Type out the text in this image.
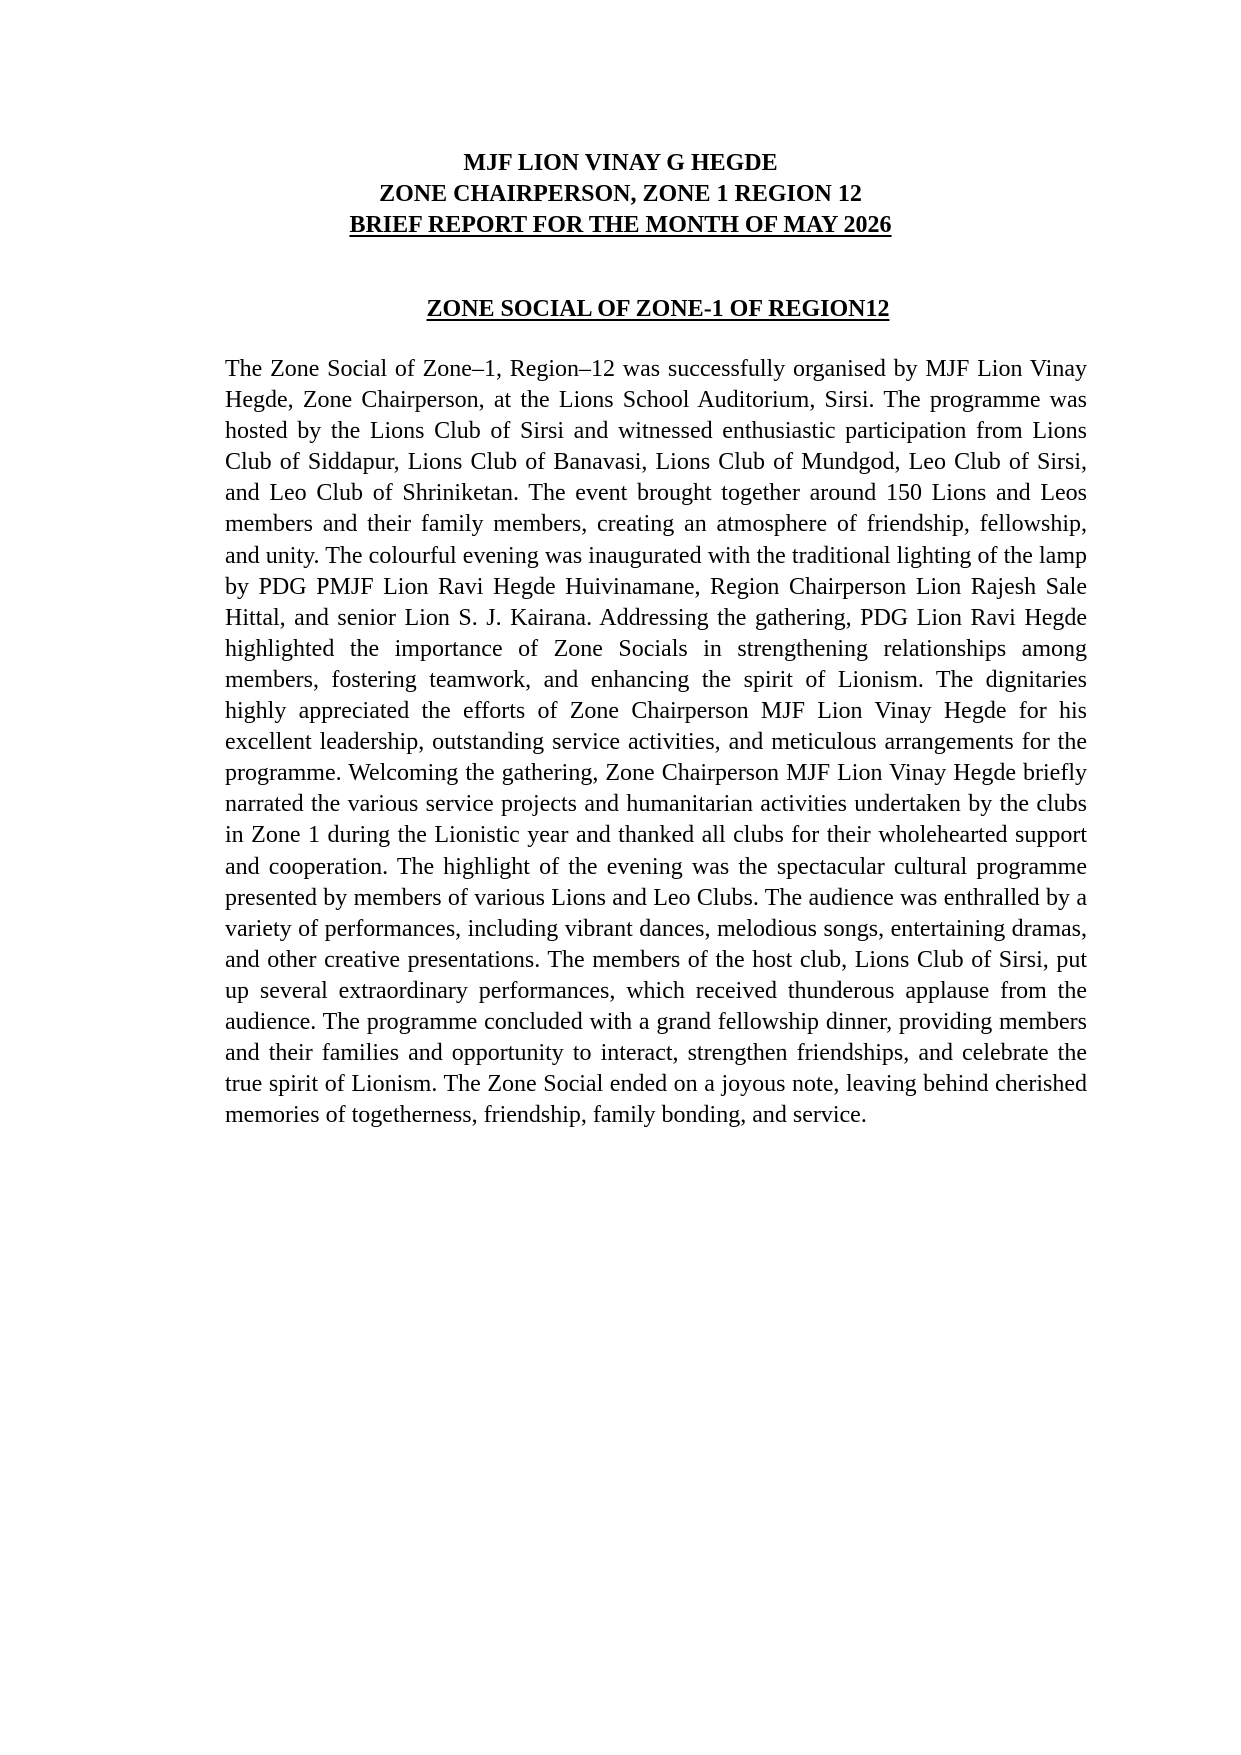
MJF LION VINAY G HEGDE
ZONE CHAIRPERSON, ZONE 1 REGION 12
BRIEF REPORT FOR THE MONTH OF MAY 2026
ZONE SOCIAL OF ZONE-1 OF REGION12

The Zone Social of Zone–1, Region–12 was successfully organised by MJF Lion Vinay Hegde, Zone Chairperson, at the Lions School Auditorium, Sirsi. The programme was hosted by the Lions Club of Sirsi and witnessed enthusiastic participation from Lions Club of Siddapur, Lions Club of Banavasi, Lions Club of Mundgod, Leo Club of Sirsi, and Leo Club of Shriniketan. The event brought together around 150 Lions and Leos members and their family members, creating an atmosphere of friendship, fellowship, and unity. The colourful evening was inaugurated with the traditional lighting of the lamp by PDG PMJF Lion Ravi Hegde Huivinamane, Region Chairperson Lion Rajesh Sale Hittal, and senior Lion S. J. Kairana. Addressing the gathering, PDG Lion Ravi Hegde highlighted the importance of Zone Socials in strengthening relationships among members, fostering teamwork, and enhancing the spirit of Lionism. The dignitaries highly appreciated the efforts of Zone Chairperson MJF Lion Vinay Hegde for his excellent leadership, outstanding service activities, and meticulous arrangements for the programme. Welcoming the gathering, Zone Chairperson MJF Lion Vinay Hegde briefly narrated the various service projects and humanitarian activities undertaken by the clubs in Zone 1 during the Lionistic year and thanked all clubs for their wholehearted support and cooperation. The highlight of the evening was the spectacular cultural programme presented by members of various Lions and Leo Clubs. The audience was enthralled by a variety of performances, including vibrant dances, melodious songs, entertaining dramas, and other creative presentations. The members of the host club, Lions Club of Sirsi, put up several extraordinary performances, which received thunderous applause from the audience. The programme concluded with a grand fellowship dinner, providing members and their families and opportunity to interact, strengthen friendships, and celebrate the true spirit of Lionism. The Zone Social ended on a joyous note, leaving behind cherished memories of togetherness, friendship, family bonding, and service.
